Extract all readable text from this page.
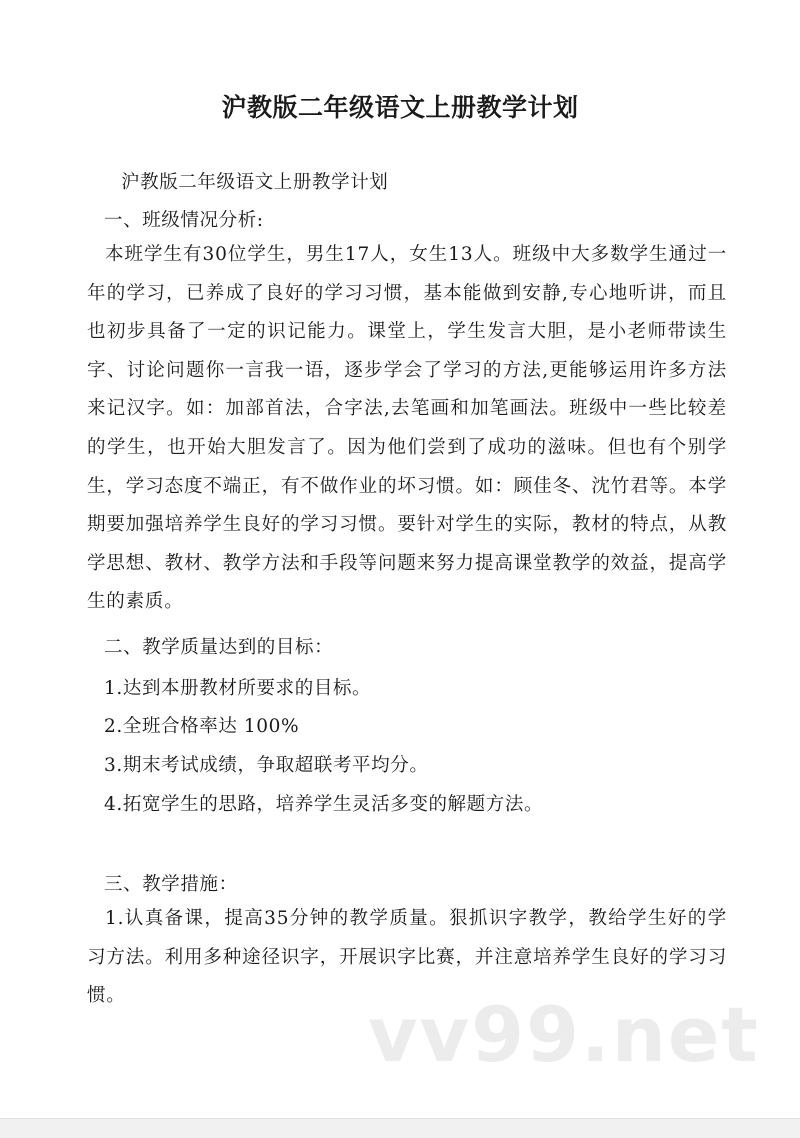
沪教版二年级语文上册教学计划

沪教版二年级语文上册教学计划

一、班级情况分析:

本班学生有30位学生，男生17人，女生13人。班级中大多数学生通过一年的学习，已养成了良好的学习习惯，基本能做到安静,专心地听讲，而且也初步具备了一定的识记能力。课堂上，学生发言大胆，是小老师带读生字、讨论问题你一言我一语，逐步学会了学习的方法,更能够运用许多方法来记汉字。如：加部首法，合字法,去笔画和加笔画法。班级中一些比较差的学生，也开始大胆发言了。因为他们尝到了成功的滋味。但也有个别学生，学习态度不端正，有不做作业的坏习惯。如：顾佳冬、沈竹君等。本学期要加强培养学生良好的学习习惯。要针对学生的实际，教材的特点，从教学思想、教材、教学方法和手段等问题来努力提高课堂教学的效益，提高学生的素质。

二、教学质量达到的目标：

1.达到本册教材所要求的目标。

2.全班合格率达 100%

3.期末考试成绩，争取超联考平均分。

4.拓宽学生的思路，培养学生灵活多变的解题方法。

三、教学措施：

1.认真备课，提高35分钟的教学质量。狠抓识字教学，教给学生好的学习方法。利用多种途径识字，开展识字比赛，并注意培养学生良好的学习习惯。	vv99.net
